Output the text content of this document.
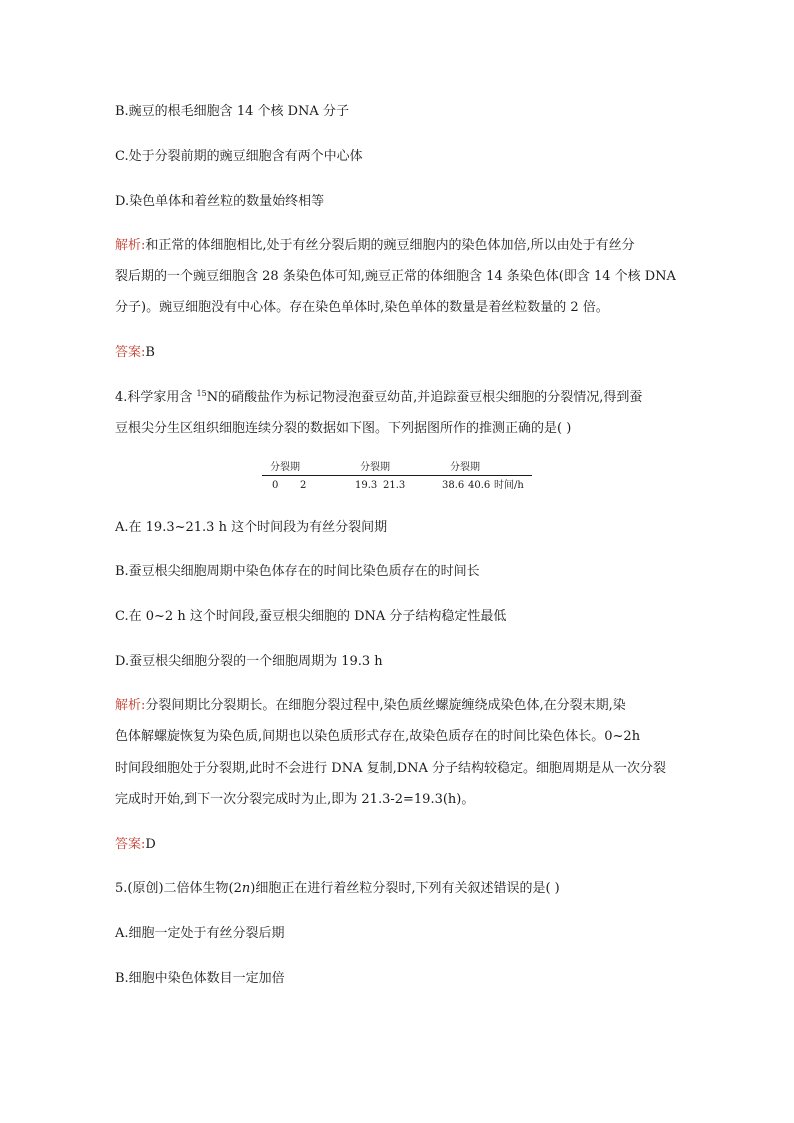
B.豌豆的根毛细胞含 14 个核 DNA 分子
C.处于分裂前期的豌豆细胞含有两个中心体
D.染色单体和着丝粒的数量始终相等
解析:和正常的体细胞相比,处于有丝分裂后期的豌豆细胞内的染色体加倍,所以由处于有丝分
裂后期的一个豌豆细胞含 28 条染色体可知,豌豆正常的体细胞含 14 条染色体(即含 14 个核 DNA
分子)。豌豆细胞没有中心体。存在染色单体时,染色单体的数量是着丝粒数量的 2 倍。
答案:B
4.科学家用含 $^{15}$N的硝酸盐作为标记物浸泡蚕豆幼苗,并追踪蚕豆根尖细胞的分裂情况,得到蚕
豆根尖分生区组织细胞连续分裂的数据如下图。下列据图所作的推测正确的是( )
分裂期	分裂期	分裂期
0 2	19.3 21.3	38.6 40.6 时间/h
A.在 19.3~21.3 h 这个时间段为有丝分裂间期
B.蚕豆根尖细胞周期中染色体存在的时间比染色质存在的时间长
C.在 0~2 h 这个时间段,蚕豆根尖细胞的 DNA 分子结构稳定性最低
D.蚕豆根尖细胞分裂的一个细胞周期为 19.3 h
解析:分裂间期比分裂期长。在细胞分裂过程中,染色质丝螺旋缠绕成染色体,在分裂末期,染
色体解螺旋恢复为染色质,间期也以染色质形式存在,故染色质存在的时间比染色体长。0~2h
时间段细胞处于分裂期,此时不会进行 DNA 复制,DNA 分子结构较稳定。细胞周期是从一次分裂
完成时开始,到下一次分裂完成时为止,即为 21.3-2=19.3(h)。
答案:D
5.(原创)二倍体生物(2n)细胞正在进行着丝粒分裂时,下列有关叙述错误的是( )
A.细胞一定处于有丝分裂后期
B.细胞中染色体数目一定加倍
